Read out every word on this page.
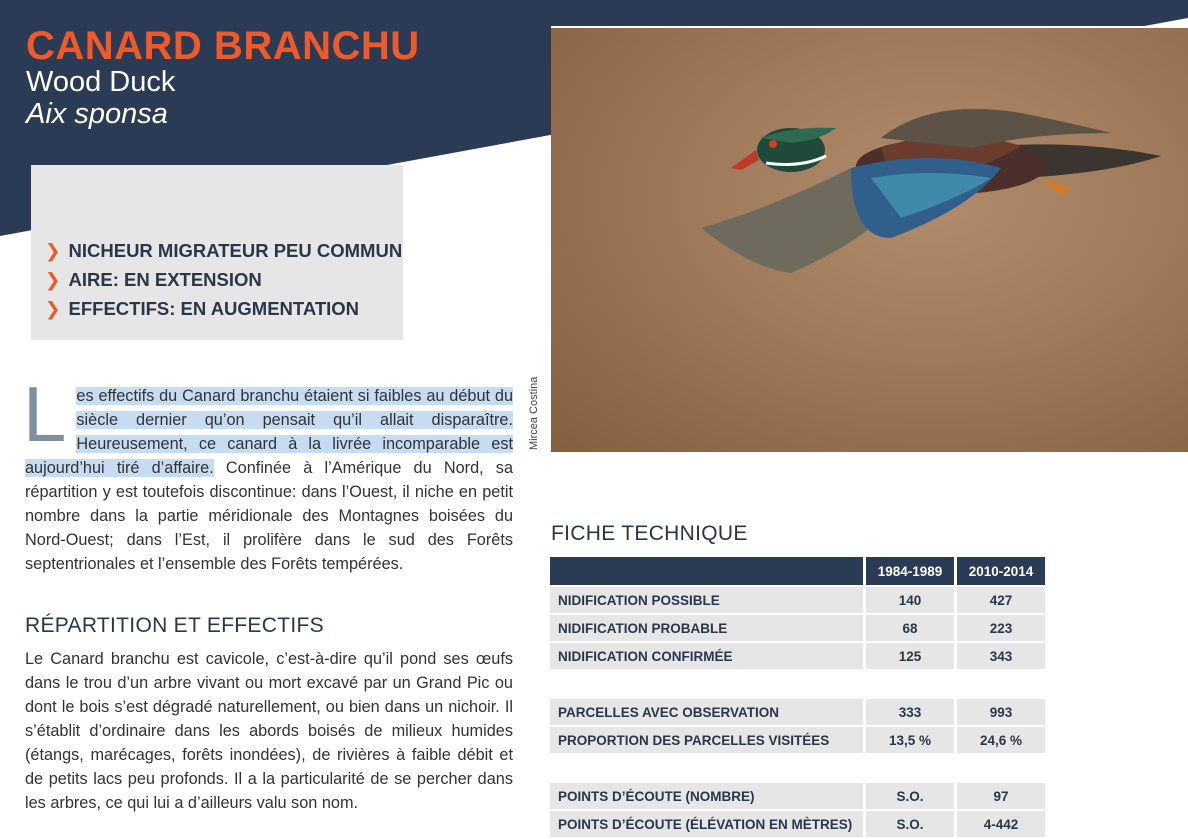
CANARD BRANCHU
Wood Duck
Aix sponsa
❯ NICHEUR MIGRATEUR PEU COMMUN
❯ AIRE: EN EXTENSION
❯ EFFECTIFS: EN AUGMENTATION
Mircea Costina
Les effectifs du Canard branchu étaient si faibles au début du siècle dernier qu’on pensait qu’il allait disparaître. Heureusement, ce canard à la livrée incomparable est aujourd’hui tiré d’affaire. Confinée à l’Amérique du Nord, sa répartition y est toutefois discontinue: dans l’Ouest, il niche en petit nombre dans la partie méridionale des Montagnes boisées du Nord-Ouest; dans l’Est, il prolifère dans le sud des Forêts septentrionales et l’ensemble des Forêts tempérées.
RÉPARTITION ET EFFECTIFS
Le Canard branchu est cavicole, c’est-à-dire qu’il pond ses œufs dans le trou d’un arbre vivant ou mort excavé par un Grand Pic ou dont le bois s’est dégradé naturellement, ou bien dans un nichoir. Il s’établit d’ordinaire dans les abords boisés de milieux humides (étangs, marécages, forêts inondées), de rivières à faible débit et de petits lacs peu profonds. Il a la particularité de se percher dans les arbres, ce qui lui a d’ailleurs valu son nom.
FICHE TECHNIQUE
	1984-1989	2010-2014
NIDIFICATION POSSIBLE	140	427
NIDIFICATION PROBABLE	68	223
NIDIFICATION CONFIRMÉE	125	343

PARCELLES AVEC OBSERVATION	333	993
PROPORTION DES PARCELLES VISITÉES	13,5 %	24,6 %

POINTS D’ÉCOUTE (NOMBRE)	S.O.	97
POINTS D’ÉCOUTE (ÉLÉVATION EN MÈTRES)	S.O.	4-442
